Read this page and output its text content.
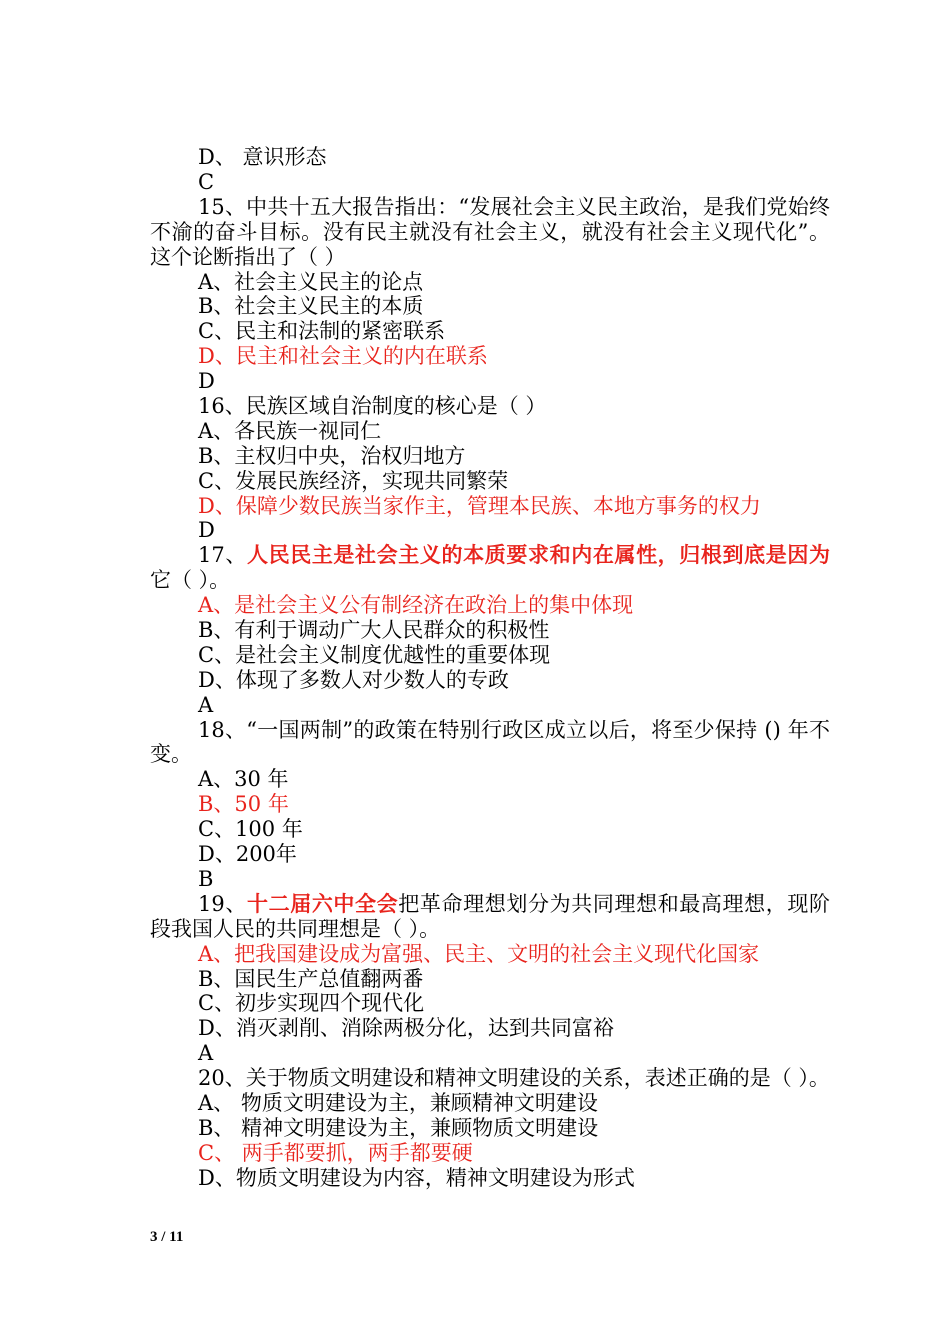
D、 意识形态
C
15、中共十五大报告指出：“发展社会主义民主政治，是我们党始终不渝的奋斗目标。没有民主就没有社会主义，就没有社会主义现代化”。这个论断指出了（ ）
A、社会主义民主的论点
B、社会主义民主的本质
C、民主和法制的紧密联系
D、民主和社会主义的内在联系
D
16、民族区域自治制度的核心是（ ）
A、各民族一视同仁
B、主权归中央，治权归地方
C、发展民族经济，实现共同繁荣
D、保障少数民族当家作主，管理本民族、本地方事务的权力
D
17、人民民主是社会主义的本质要求和内在属性，归根到底是因为它（ ）。
A、是社会主义公有制经济在政治上的集中体现
B、有利于调动广大人民群众的积极性
C、是社会主义制度优越性的重要体现
D、体现了多数人对少数人的专政
A
18、“一国两制”的政策在特别行政区成立以后，将至少保持 () 年不变。
A、30 年
B、50 年
C、100 年
D、200年
B
19、十二届六中全会把革命理想划分为共同理想和最高理想，现阶段我国人民的共同理想是（ ）。
A、把我国建设成为富强、民主、文明的社会主义现代化国家
B、国民生产总值翻两番
C、初步实现四个现代化
D、消灭剥削、消除两极分化，达到共同富裕
A
20、关于物质文明建设和精神文明建设的关系，表述正确的是（ ）。
A、 物质文明建设为主，兼顾精神文明建设
B、 精神文明建设为主，兼顾物质文明建设
C、 两手都要抓，两手都要硬
D、物质文明建设为内容，精神文明建设为形式
3 / 11
